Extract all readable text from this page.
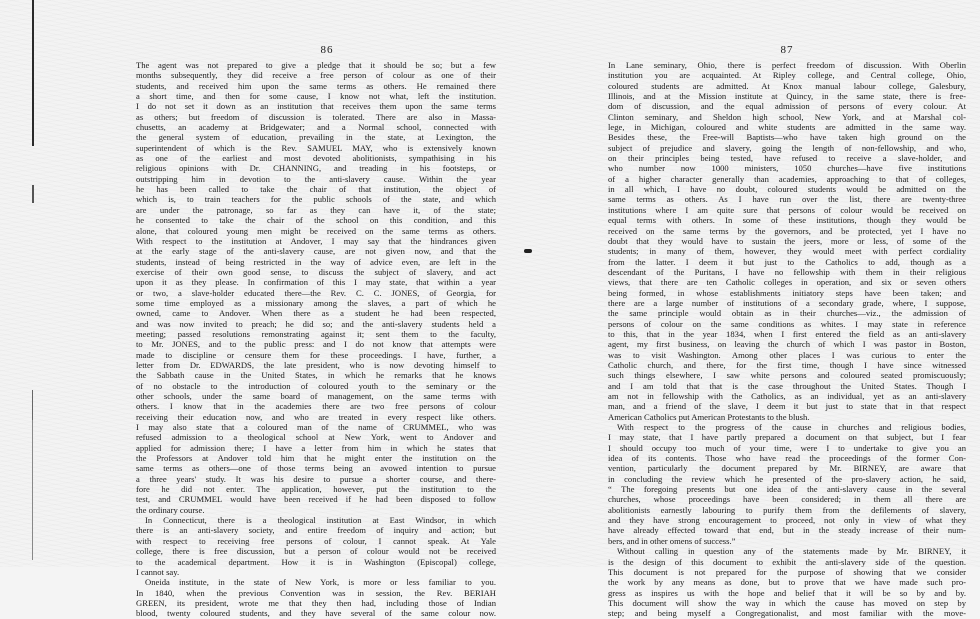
86
The agent was not prepared to give a pledge that it should be so; but a few
months subsequently, they did receive a free person of colour as one of their
students, and received him upon the same terms as others. He remained there
a short time, and then for some cause, I know not what, left the institution.
I do not set it down as an institution that receives them upon the same terms
as others; but freedom of discussion is tolerated. There are also in Massa-
chusetts, an academy at Bridgewater; and a Normal school, connected with
the general system of education, prevailing in the state, at Lexington, the
superintendent of which is the Rev. SAMUEL MAY, who is extensively known
as one of the earliest and most devoted abolitionists, sympathising in his
religious opinions with Dr. CHANNING, and treading in his footsteps, or
outstripping him in devotion to the anti-slavery cause. Within the year
he has been called to take the chair of that institution, the object of
which is, to train teachers for the public schools of the state, and which
are under the patronage, so far as they can have it, of the state;
he consented to take the chair of the school on this condition, and this
alone, that coloured young men might be received on the same terms as others.
With respect to the institution at Andover, I may say that the hindrances given
at the early stage of the anti-slavery cause, are not given now, and that the
students, instead of being restricted in the way of advice even, are left in the
exercise of their own good sense, to discuss the subject of slavery, and act
upon it as they please. In confirmation of this I may state, that within a year
or two, a slave-holder educated there—the Rev. C. C. JONES, of Georgia, for
some time employed as a missionary among the slaves, a part of which he
owned, came to Andover. When there as a student he had been respected,
and was now invited to preach; he did so; and the anti-slavery students held a
meeting; passed resolutions remonstrating against it; sent them to the faculty,
to Mr. JONES, and to the public press: and I do not know that attempts were
made to discipline or censure them for these proceedings. I have, further, a
letter from Dr. EDWARDS, the late president, who is now devoting himself to
the Sabbath cause in the United States, in which he remarks that he knows
of no obstacle to the introduction of coloured youth to the seminary or the
other schools, under the same board of management, on the same terms with
others. I know that in the academies there are two free persons of colour
receiving their education now, and who are treated in every respect like others.
I may also state that a coloured man of the name of CRUMMEL, who was
refused admission to a theological school at New York, went to Andover and
applied for admission there; I have a letter from him in which he states that
the Professors at Andover told him that he might enter the institution on the
same terms as others—one of those terms being an avowed intention to pursue
a three years' study. It was his desire to pursue a shorter course, and there-
fore he did not enter. The application, however, put the institution to the
test, and CRUMMEL would have been received if he had been disposed to follow
the ordinary course.
In Connecticut, there is a theological institution at East Windsor, in which
there is an anti-slavery society, and entire freedom of inquiry and action; but
with respect to receiving free persons of colour, I cannot speak. At Yale
college, there is free discussion, but a person of colour would not be received
to the academical department. How it is in Washington (Episcopal) college,
I cannot say.
Oneida institute, in the state of New York, is more or less familiar to you.
In 1840, when the previous Convention was in session, the Rev. BERIAH
GREEN, its president, wrote me that they then had, including those of Indian
blood, twenty coloured students, and they have several of the same colour now.
87
In Lane seminary, Ohio, there is perfect freedom of discussion. With Oberlin
institution you are acquainted. At Ripley college, and Central college, Ohio,
coloured students are admitted. At Knox manual labour college, Galesbury,
Illinois, and at the Mission institute at Quincy, in the same state, there is free-
dom of discussion, and the equal admission of persons of every colour. At
Clinton seminary, and Sheldon high school, New York, and at Marshal col-
lege, in Michigan, coloured and white students are admitted in the same way.
Besides these, the Free-will Baptists—who have taken high ground on the
subject of prejudice and slavery, going the length of non-fellowship, and who,
on their principles being tested, have refused to receive a slave-holder, and
who number now 1000 ministers, 1050 churches—have five institutions
of a higher character generally than academies, approaching to that of colleges,
in all which, I have no doubt, coloured students would be admitted on the
same terms as others. As I have run over the list, there are twenty-three
institutions where I am quite sure that persons of colour would be received on
equal terms with others. In some of these institutions, though they would be
received on the same terms by the governors, and be protected, yet I have no
doubt that they would have to sustain the jeers, more or less, of some of the
students; in many of them, however, they would meet with perfect cordiality
from the latter. I deem it but just to the Catholics to add, though as a
descendant of the Puritans, I have no fellowship with them in their religious
views, that there are ten Catholic colleges in operation, and six or seven others
being formed, in whose establishments initiatory steps have been taken; and
there are a large number of institutions of a secondary grade, where, I suppose,
the same principle would obtain as in their churches—viz., the admission of
persons of colour on the same conditions as whites. I may state in reference
to this, that in the year 1834, when I first entered the field as an anti-slavery
agent, my first business, on leaving the church of which I was pastor in Boston,
was to visit Washington. Among other places I was curious to enter the
Catholic church, and there, for the first time, though I have since witnessed
such things elsewhere, I saw white persons and coloured seated promiscuously;
and I am told that that is the case throughout the United States. Though I
am not in fellowship with the Catholics, as an individual, yet as an anti-slavery
man, and a friend of the slave, I deem it but just to state that in that respect
American Catholics put American Protestants to the blush.
With respect to the progress of the cause in churches and religious bodies,
I may state, that I have partly prepared a document on that subject, but I fear
I should occupy too much of your time, were I to undertake to give you an
idea of its contents. Those who have read the proceedings of the former Con-
vention, particularly the document prepared by Mr. BIRNEY, are aware that
in concluding the review which he presented of the pro-slavery action, he said,
“ The foregoing presents but one idea of the anti-slavery cause in the several
churches, whose proceedings have been considered; in them all there are
abolitionists earnestly labouring to purify them from the defilements of slavery,
and they have strong encouragement to proceed, not only in view of what they
have already effected toward that end, but in the steady increase of their num-
bers, and in other omens of success.”
Without calling in question any of the statements made by Mr. BIRNEY, it
is the design of this document to exhibit the anti-slavery side of the question.
This document is not prepared for the purpose of showing that we consider
the work by any means as done, but to prove that we have made such pro-
gress as inspires us with the hope and belief that it will be so by and by.
This document will show the way in which the cause has moved on step by
step; and being myself a Congregationalist, and most familiar with the move-
